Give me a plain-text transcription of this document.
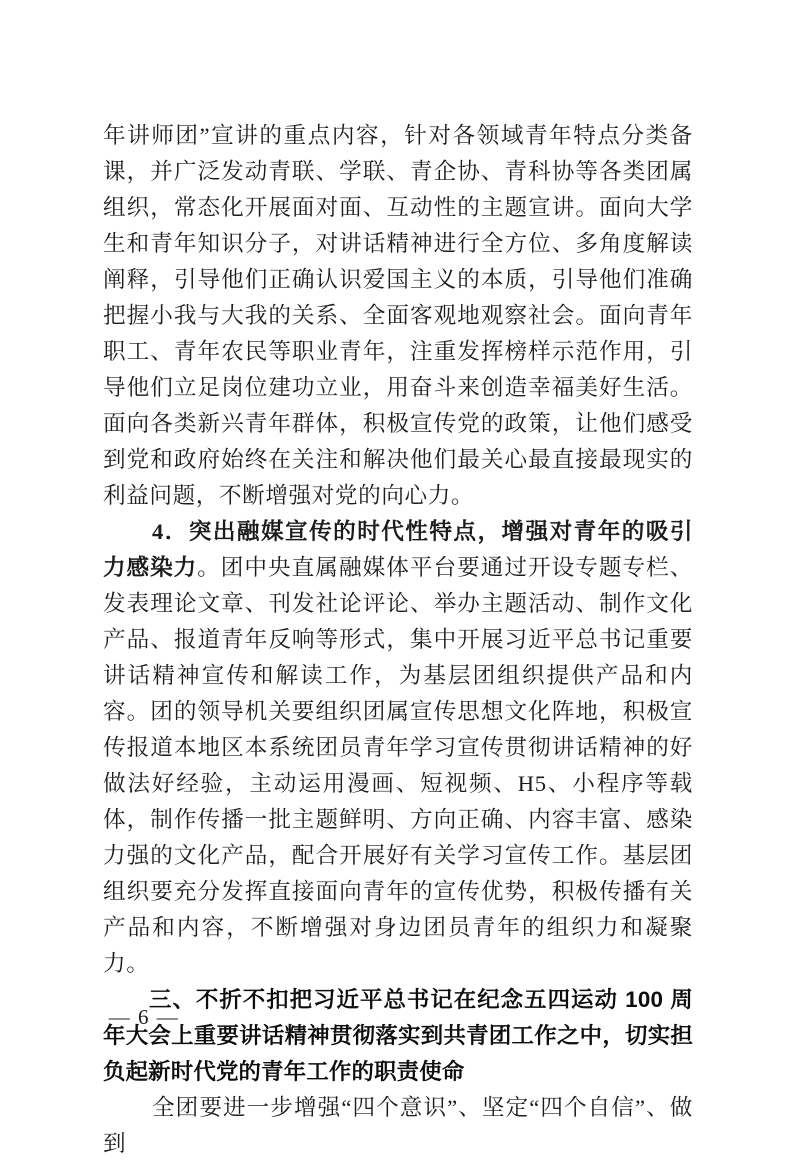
年讲师团”宣讲的重点内容，针对各领域青年特点分类备课，并广泛发动青联、学联、青企协、青科协等各类团属组织，常态化开展面对面、互动性的主题宣讲。面向大学生和青年知识分子，对讲话精神进行全方位、多角度解读阐释，引导他们正确认识爱国主义的本质，引导他们准确把握小我与大我的关系、全面客观地观察社会。面向青年职工、青年农民等职业青年，注重发挥榜样示范作用，引导他们立足岗位建功立业，用奋斗来创造幸福美好生活。面向各类新兴青年群体，积极宣传党的政策，让他们感受到党和政府始终在关注和解决他们最关心最直接最现实的利益问题，不断增强对党的向心力。

4．突出融媒宣传的时代性特点，增强对青年的吸引力感染力。团中央直属融媒体平台要通过开设专题专栏、发表理论文章、刊发社论评论、举办主题活动、制作文化产品、报道青年反响等形式，集中开展习近平总书记重要讲话精神宣传和解读工作，为基层团组织提供产品和内容。团的领导机关要组织团属宣传思想文化阵地，积极宣传报道本地区本系统团员青年学习宣传贯彻讲话精神的好做法好经验，主动运用漫画、短视频、H5、小程序等载体，制作传播一批主题鲜明、方向正确、内容丰富、感染力强的文化产品，配合开展好有关学习宣传工作。基层团组织要充分发挥直接面向青年的宣传优势，积极传播有关产品和内容，不断增强对身边团员青年的组织力和凝聚力。

三、不折不扣把习近平总书记在纪念五四运动 100 周年大会上重要讲话精神贯彻落实到共青团工作之中，切实担负起新时代党的青年工作的职责使命

全团要进一步增强“四个意识”、坚定“四个自信”、做到

— 6 —
